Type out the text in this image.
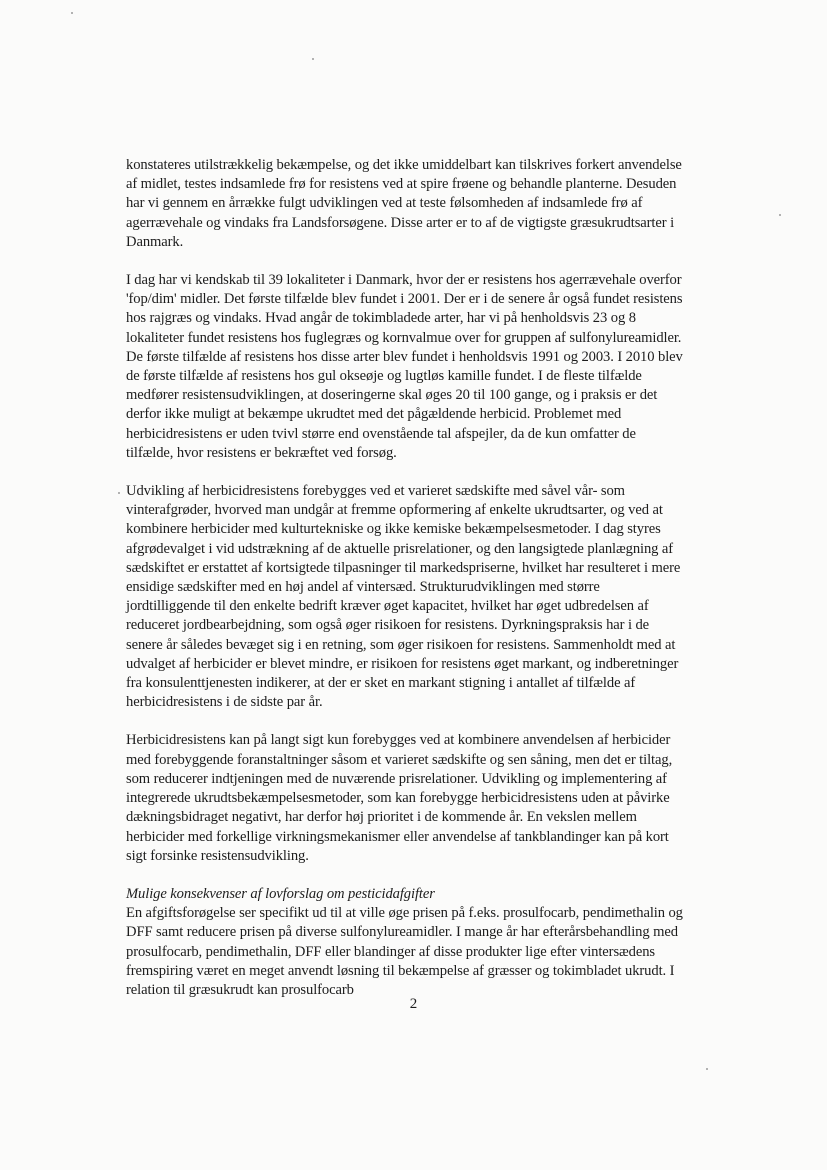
konstateres utilstrækkelig bekæmpelse, og det ikke umiddelbart kan tilskrives forkert anvendelse af midlet, testes indsamlede frø for resistens ved at spire frøene og behandle planterne. Desuden har vi gennem en årrække fulgt udviklingen ved at teste følsomheden af indsamlede frø af agerrævehale og vindaks fra Landsforsøgene. Disse arter er to af de vigtigste græsukrudtsarter i Danmark.

I dag har vi kendskab til 39 lokaliteter i Danmark, hvor der er resistens hos agerrævehale overfor 'fop/dim' midler. Det første tilfælde blev fundet i 2001. Der er i de senere år også fundet resistens hos rajgræs og vindaks. Hvad angår de tokimbladede arter, har vi på henholdsvis 23 og 8 lokaliteter fundet resistens hos fuglegræs og kornvalmue over for gruppen af sulfonylureamidler. De første tilfælde af resistens hos disse arter blev fundet i henholdsvis 1991 og 2003. I 2010 blev de første tilfælde af resistens hos gul okseøje og lugtløs kamille fundet. I de fleste tilfælde medfører resistensudviklingen, at doseringerne skal øges 20 til 100 gange, og i praksis er det derfor ikke muligt at bekæmpe ukrudtet med det pågældende herbicid. Problemet med herbicidresistens er uden tvivl større end ovenstående tal afspejler, da de kun omfatter de tilfælde, hvor resistens er bekræftet ved forsøg.

Udvikling af herbicidresistens forebygges ved et varieret sædskifte med såvel vår- som vinterafgrøder, hvorved man undgår at fremme opformering af enkelte ukrudtsarter, og ved at kombinere herbicider med kulturtekniske og ikke kemiske bekæmpelsesmetoder. I dag styres afgrødevalget i vid udstrækning af de aktuelle prisrelationer, og den langsigtede planlægning af sædskiftet er erstattet af kortsigtede tilpasninger til markedspriserne, hvilket har resulteret i mere ensidige sædskifter med en høj andel af vintersæd. Strukturudviklingen med større jordtilliggende til den enkelte bedrift kræver øget kapacitet, hvilket har øget udbredelsen af reduceret jordbearbejdning, som også øger risikoen for resistens. Dyrkningspraksis har i de senere år således bevæget sig i en retning, som øger risikoen for resistens. Sammenholdt med at udvalget af herbicider er blevet mindre, er risikoen for resistens øget markant, og indberetninger fra konsulenttjenesten indikerer, at der er sket en markant stigning i antallet af tilfælde af herbicidresistens i de sidste par år.

Herbicidresistens kan på langt sigt kun forebygges ved at kombinere anvendelsen af herbicider med forebyggende foranstaltninger såsom et varieret sædskifte og sen såning, men det er tiltag, som reducerer indtjeningen med de nuværende prisrelationer. Udvikling og implementering af integrerede ukrudtsbekæmpelsesmetoder, som kan forebygge herbicidresistens uden at påvirke dækningsbidraget negativt, har derfor høj prioritet i de kommende år. En vekslen mellem herbicider med forkellige virkningsmekanismer eller anvendelse af tankblandinger kan på kort sigt forsinke resistensudvikling.

Mulige konsekvenser af lovforslag om pesticidafgifter

En afgiftsforøgelse ser specifikt ud til at ville øge prisen på f.eks. prosulfocarb, pendimethalin og DFF samt reducere prisen på diverse sulfonylureamidler. I mange år har efterårsbehandling med prosulfocarb, pendimethalin, DFF eller blandinger af disse produkter lige efter vintersædens fremspiring været en meget anvendt løsning til bekæmpelse af græsser og tokimbladet ukrudt. I relation til græsukrudt kan prosulfocarb

2
